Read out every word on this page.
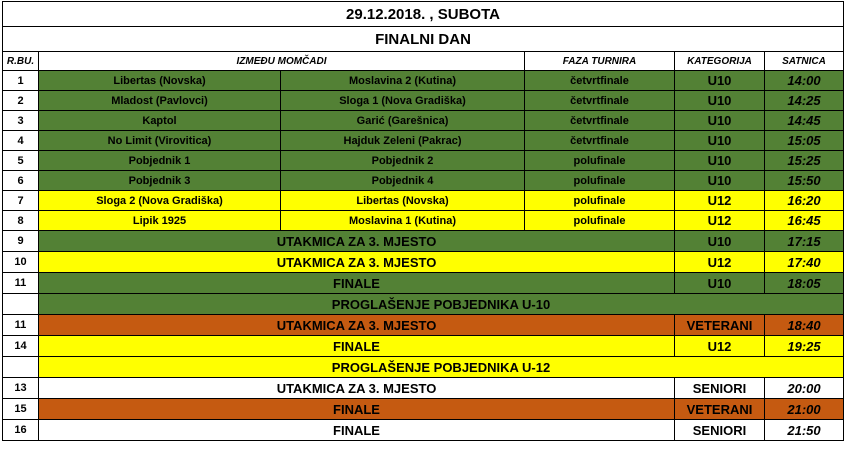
29.12.2018. , SUBOTA					
FINALNI DAN					
R.BU.	IZMEĐU MOMČADI		FAZA TURNIRA	KATEGORIJA	SATNICA
1	Libertas (Novska)	Moslavina 2 (Kutina)	četvrtfinale	U10	14:00
2	Mladost (Pavlovci)	Sloga 1 (Nova Gradiška)	četvrtfinale	U10	14:25
3	Kaptol	Garić (Garešnica)	četvrtfinale	U10	14:45
4	No Limit (Virovitica)	Hajduk Zeleni (Pakrac)	četvrtfinale	U10	15:05
5	Pobjednik 1	Pobjednik 2	polufinale	U10	15:25
6	Pobjednik 3	Pobjednik 4	polufinale	U10	15:50
7	Sloga 2 (Nova Gradiška)	Libertas (Novska)	polufinale	U12	16:20
8	Lipik 1925	Moslavina 1 (Kutina)	polufinale	U12	16:45
9	UTAKMICA ZA 3. MJESTO			U10	17:15
10	UTAKMICA ZA 3. MJESTO			U12	17:40
11	FINALE			U10	18:05
	PROGLAŠENJE POBJEDNIKA U-10				
11	UTAKMICA ZA 3. MJESTO			VETERANI	18:40
14	FINALE			U12	19:25
	PROGLAŠENJE POBJEDNIKA U-12				
13	UTAKMICA ZA 3. MJESTO			SENIORI	20:00
15	FINALE			VETERANI	21:00
16	FINALE			SENIORI	21:50
